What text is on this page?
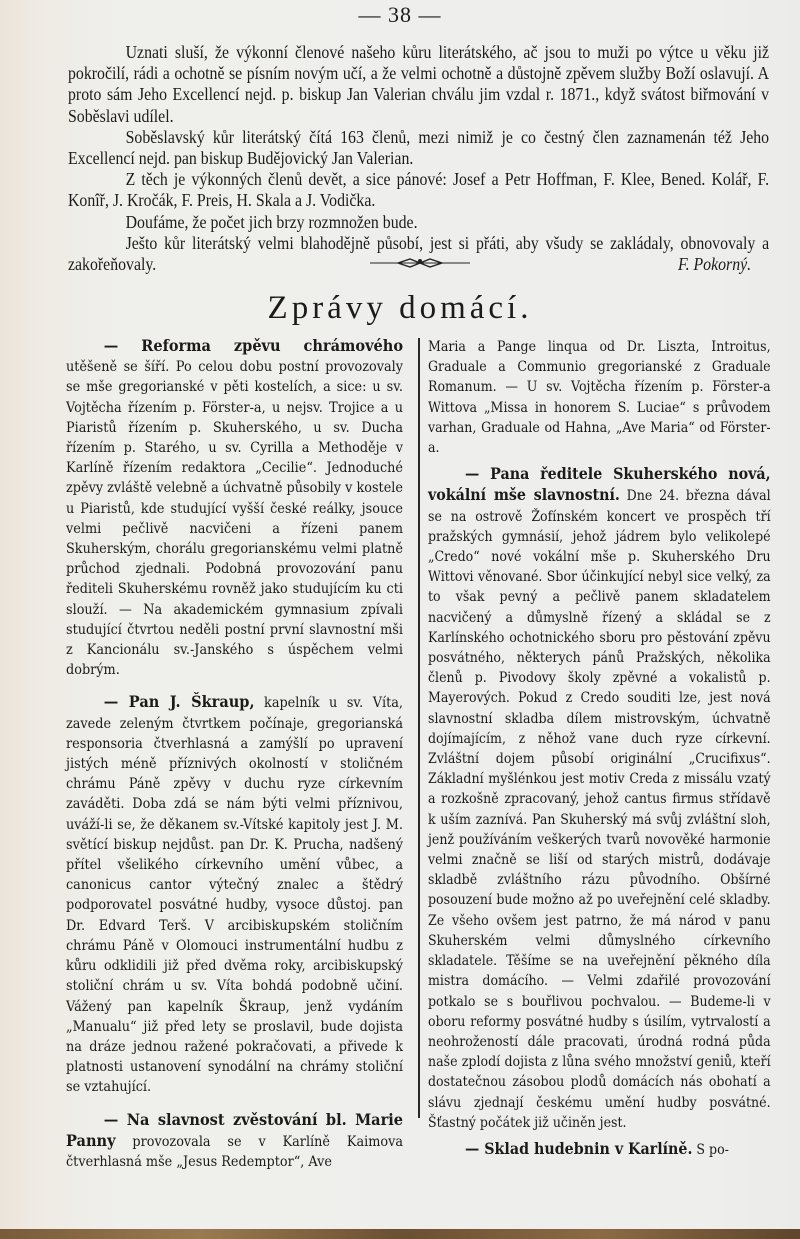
— 38 —

Uznati sluší, že výkonní členové našeho kůru literátského, ač jsou to muži po výtce u věku již pokročilí, rádi a ochotně se písním novým učí, a že velmi ochotně a důstojně zpěvem služby Boží oslavují. A proto sám Jeho Excellencí nejd. p. biskup Jan Valerian chválu jim vzdal r. 1871., když svátost biřmování v Soběslavi udílel.

Soběslavský kůr literátský čítá 163 členů, mezi nimiž je co čestný člen zaznamenán též Jeho Excellencí nejd. pan biskup Budějovický Jan Valerian.

Z těch je výkonných členů devět, a sice pánové: Josef a Petr Hoffman, F. Klee, Bened. Kolář, F. Konîř, J. Kročák, F. Preis, H. Skala a J. Vodička.

Doufáme, že počet jich brzy rozmnožen bude.

Ješto kůr literátský velmi blahodějně působí, jest si přáti, aby všudy se zakládaly, obnovovaly a zakořeňovaly.	F. Pokorný.

Zprávy domácí.

— Reforma zpěvu chrámového utěšeně se šíří. Po celou dobu postní provozovaly se mše gregorianské v pěti kostelích, a sice: u sv. Vojtěcha řízením p. Förster-a, u nejsv. Trojice a u Piaristů řízením p. Skuherského, u sv. Ducha řízením p. Starého, u sv. Cyrilla a Methoděje v Karlíně řízením redaktora „Cecilie“. Jednoduché zpěvy zvláště velebně a úchvatně působily v kostele u Piaristů, kde studující vyšší české reálky, jsouce velmi pečlivě nacvičeni a řízeni panem Skuherským, chorálu gregorianskému velmi platně průchod zjednali. Podobná provozování panu řediteli Skuherskému rovněž jako studujícím ku cti slouží. — Na akademickém gymnasium zpívali studující čtvrtou neděli postní první slavnostní mši z Kancionálu sv.-Janského s úspěchem velmi dobrým.

— Pan J. Škraup, kapelník u sv. Víta, zavede zeleným čtvrtkem počínaje, gregorianská responsoria čtverhlasná a zamýšlí po upravení jistých méně příznivých okolností v stoličném chrámu Páně zpěvy v duchu ryze církevním zaváděti. Doba zdá se nám býti velmi příznivou, uváží-li se, že děkanem sv.-Vítské kapitoly jest J. M. světící biskup nejdůst. pan Dr. K. Prucha, nadšený přítel všelikého církevního umění vůbec, a canonicus cantor výtečný znalec a štědrý podporovatel posvátné hudby, vysoce důstoj. pan Dr. Edvard Terš. V arcibiskupském stoličním chrámu Páně v Olomouci instrumentální hudbu z kůru odklidili již před dvěma roky, arcibiskupský stoliční chrám u sv. Víta bohdá podobně učiní. Vážený pan kapelník Škraup, jenž vydáním „Manualu“ již před lety se proslavil, bude dojista na dráze jednou ražené pokračovati, a přivede k platnosti ustanovení synodální na chrámy stoliční se vztahující.

— Na slavnost zvěstování bl. Marie Panny provozovala se v Karlíně Kaimova čtverhlasná mše „Jesus Redemptor“, Ave

Maria a Pange linqua od Dr. Liszta, Introitus, Graduale a Communio gregorianské z Graduale Romanum. — U sv. Vojtěcha řízením p. Förster-a Wittova „Missa in honorem S. Luciae“ s průvodem varhan, Graduale od Hahna, „Ave Maria“ od Förster-a.

— Pana ředitele Skuherského nová, vokální mše slavnostní. Dne 24. března dával se na ostrově Žofínském koncert ve prospěch tří pražských gymnásií, jehož jádrem bylo velikolepé „Credo“ nové vokální mše p. Skuherského Dru Wittovi věnované. Sbor účinkující nebyl sice velký, za to však pevný a pečlivě panem skladatelem nacvičený a důmyslně řízený a skládal se z Karlínského ochotnického sboru pro pěstování zpěvu posvátného, některych pánů Pražských, několika členů p. Pivodovy školy zpěvné a vokalistů p. Mayerových. Pokud z Credo souditi lze, jest nová slavnostní skladba dílem mistrovským, úchvatně dojímajícím, z něhož vane duch ryze církevní. Zvláštní dojem působí originální „Crucifixus“. Základní myšlénkou jest motiv Creda z missálu vzatý a rozkošně zpracovaný, jehož cantus firmus střídavě k uším zaznívá. Pan Skuherský má svůj zvláštní sloh, jenž používáním veškerých tvarů novověké harmonie velmi značně se liší od starých mistrů, dodávaje skladbě zvláštního rázu původního. Obšírné posouzení bude možno až po uveřejnění celé skladby. Ze všeho ovšem jest patrno, že má národ v panu Skuherském velmi důmyslného církevního skladatele. Těšíme se na uveřejnění pěkného díla mistra domácího. — Velmi zdařilé provozování potkalo se s bouřlivou pochvalou. — Budeme-li v oboru reformy posvátné hudby s úsilím, vytrvalostí a neohrožeností dále pracovati, úrodná rodná půda naše zplodí dojista z lůna svého množství geniů, kteří dostatečnou zásobou plodů domácích nás obohatí a slávu zjednají českému umění hudby posvátné. Šťastný počátek již učiněn jest.

— Sklad hudebnin v Karlíně. S po-
